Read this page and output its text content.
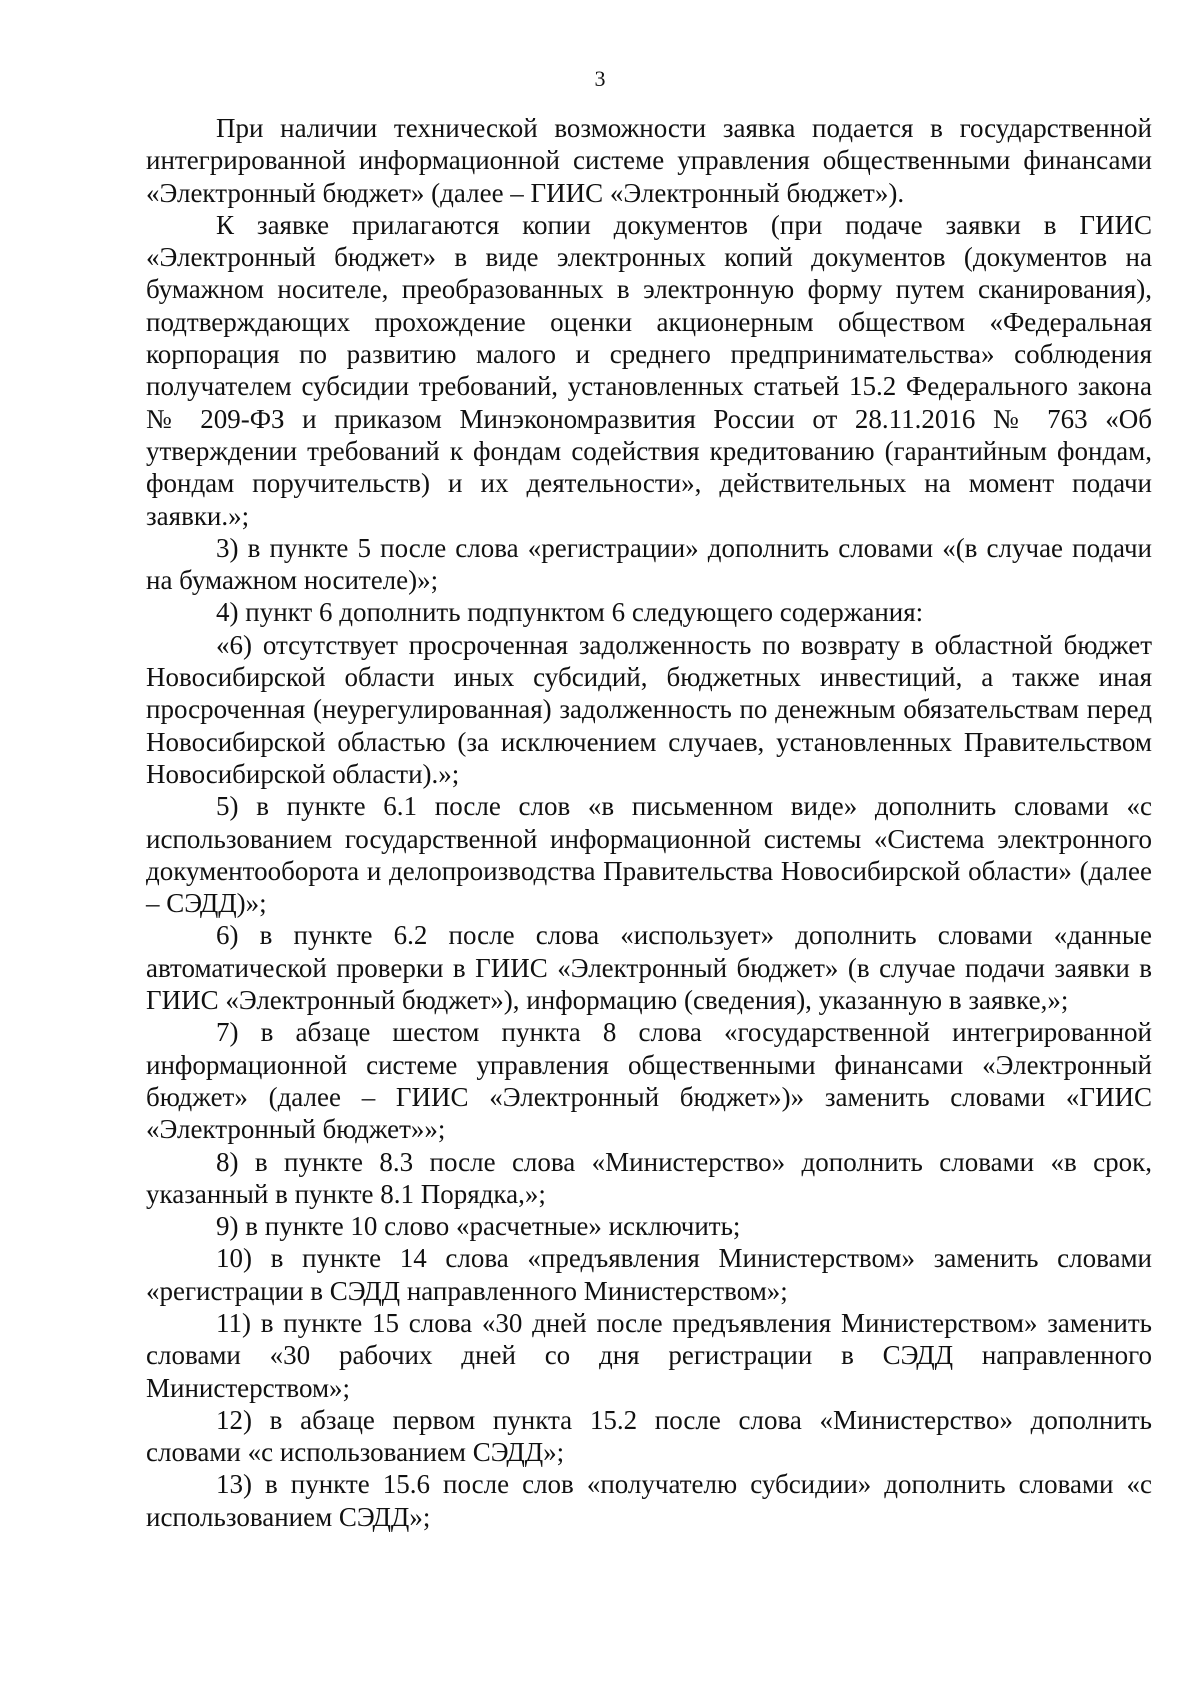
3

При наличии технической возможности заявка подается в государственной интегрированной информационной системе управления общественными финансами «Электронный бюджет» (далее – ГИИС «Электронный бюджет»).

К заявке прилагаются копии документов (при подаче заявки в ГИИС «Электронный бюджет» в виде электронных копий документов (документов на бумажном носителе, преобразованных в электронную форму путем сканирования), подтверждающих прохождение оценки акционерным обществом «Федеральная корпорация по развитию малого и среднего предпринимательства» соблюдения получателем субсидии требований, установленных статьей 15.2 Федерального закона № 209-ФЗ и приказом Минэкономразвития России от 28.11.2016 № 763 «Об утверждении требований к фондам содействия кредитованию (гарантийным фондам, фондам поручительств) и их деятельности», действительных на момент подачи заявки.»;

3) в пункте 5 после слова «регистрации» дополнить словами «(в случае подачи на бумажном носителе)»;

4) пункт 6 дополнить подпунктом 6 следующего содержания:

«6) отсутствует просроченная задолженность по возврату в областной бюджет Новосибирской области иных субсидий, бюджетных инвестиций, а также иная просроченная (неурегулированная) задолженность по денежным обязательствам перед Новосибирской областью (за исключением случаев, установленных Правительством Новосибирской области).»;

5) в пункте 6.1 после слов «в письменном виде» дополнить словами «с использованием государственной информационной системы «Система электронного документооборота и делопроизводства Правительства Новосибирской области» (далее – СЭДД)»;

6) в пункте 6.2 после слова «использует» дополнить словами «данные автоматической проверки в ГИИС «Электронный бюджет» (в случае подачи заявки в ГИИС «Электронный бюджет»), информацию (сведения), указанную в заявке,»;

7) в абзаце шестом пункта 8 слова «государственной интегрированной информационной системе управления общественными финансами «Электронный бюджет» (далее – ГИИС «Электронный бюджет»)» заменить словами «ГИИС «Электронный бюджет»»;

8) в пункте 8.3 после слова «Министерство» дополнить словами «в срок, указанный в пункте 8.1 Порядка,»;

9) в пункте 10 слово «расчетные» исключить;

10) в пункте 14 слова «предъявления Министерством» заменить словами «регистрации в СЭДД направленного Министерством»;

11) в пункте 15 слова «30 дней после предъявления Министерством» заменить словами «30 рабочих дней со дня регистрации в СЭДД направленного Министерством»;

12) в абзаце первом пункта 15.2 после слова «Министерство» дополнить словами «с использованием СЭДД»;

13) в пункте 15.6 после слов «получателю субсидии» дополнить словами «с использованием СЭДД»;
